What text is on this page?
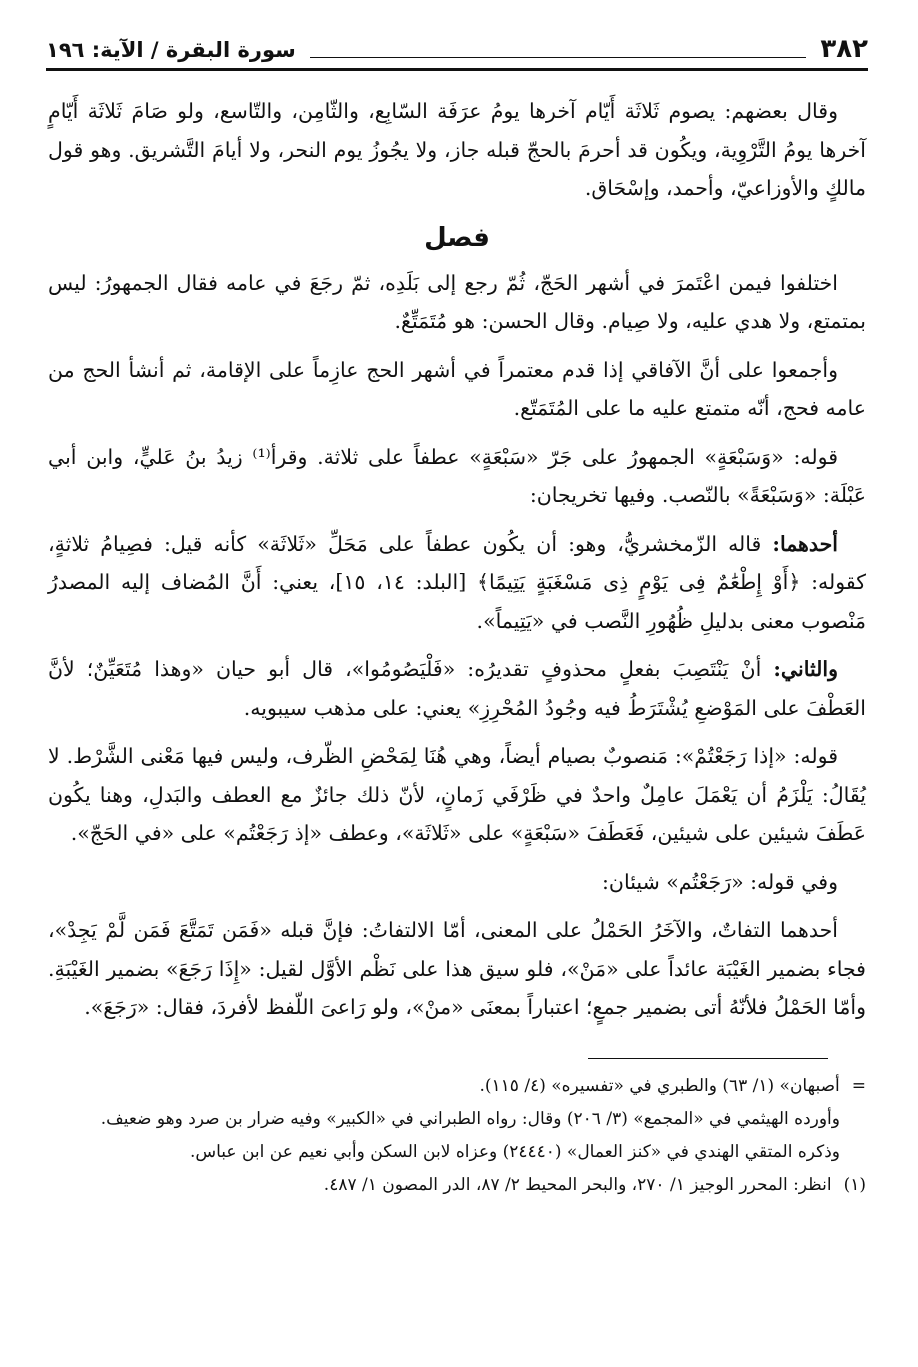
٣٨٢
سورة البقرة / الآية: ١٩٦

وقال بعضهم: يصوم ثَلاثَة أَيّام آخرها يومُ عرَفَة السّابِع، والثّامِن، والتّاسع، ولو صَامَ ثَلاثَة أَيّامٍ آخرها يومُ التَّرْوِية، ويكُون قد أحرمَ بالحجّ قبله جاز، ولا يجُوزُ يوم النحر، ولا أيامَ التَّشريق. وهو قول مالكٍ والأوزاعيّ، وأحمد، وإسْحَاق.

فصل

اختلفوا فيمن اعْتَمرَ في أشهر الحَجّ، ثُمّ رجع إلى بَلَدِه، ثمّ رجَعَ في عامه فقال الجمهورُ: ليس بمتمتع، ولا هدي عليه، ولا صِيام. وقال الحسن: هو مُتَمَتِّعٌ.

وأجمعوا على أنَّ الآفاقي إذا قدم معتمراً في أشهر الحج عازِماً على الإقامة، ثم أنشأ الحج من عامه فحج، أنّه متمتع عليه ما على المُتَمَتّع.

قوله: «وَسَبْعَةٍ» الجمهورُ على جَرّ «سَبْعَةٍ» عطفاً على ثلاثة. وقرأ⁽¹⁾ زيدُ بنُ عَليٍّ، وابن أبي عَبْلَة: «وَسَبْعَةً» بالنّصب. وفيها تخريجان:

أحدهما: قاله الزّمخشريُّ، وهو: أن يكُون عطفاً على مَحَلِّ «ثَلاثَة» كأنه قيل: فصِيامُ ثلاثةٍ، كقوله: ﴿أَوْ إِطْعَٰمٌ فِى يَوْمٍ ذِى مَسْغَبَةٍ يَتِيمًا﴾ [البلد: ١٤، ١٥]، يعني: أَنَّ المُضاف إليه المصدرُ مَنْصوب معنى بدليلِ ظُهُورِ النَّصب في «يَتِيماً».

والثاني: أنْ يَنْتَصِبَ بفعلٍ محذوفٍ تقديرُه: «فَلْيَصُومُوا»، قال أبو حيان «وهذا مُتَعَيِّنٌ؛ لأنَّ العَطْفَ على المَوْضعِ يُشْتَرَطُ فيه وجُودُ المُحْرِزِ» يعني: على مذهب سيبويه.

قوله: «إذا رَجَعْتُمْ»: مَنصوبٌ بصيام أيضاً، وهي هُنَا لِمَحْضِ الظّرف، وليس فيها مَعْنى الشَّرْط. لا يُقَالُ: يَلْزَمُ أن يَعْمَلَ عامِلٌ واحدٌ في ظَرْفَي زَمانٍ، لأنّ ذلك جائزٌ مع العطف والبَدلِ، وهنا يكُون عَطَفَ شيئين على شيئين، فَعَطَفَ «سَبْعَةٍ» على «ثَلاثَة»، وعطف «إذ رَجَعْتُم» على «في الحَجّ».

وفي قوله: «رَجَعْتُم» شيئان:

أحدهما التفاتٌ، والآخَرُ الحَمْلُ على المعنى، أمّا الالتفاتُ: فإنَّ قبله «فَمَن تَمَتَّعَ فَمَن لَّمْ يَجِدْ»، فجاء بضمير الغَيْبَة عائداً على «مَنْ»، فلو سيق هذا على نَظْم الأوَّل لقيل: «إِذَا رَجَعَ» بضمير الغَيْبَةِ. وأمّا الحَمْلُ فلأنّهُ أتى بضمير جمعٍ؛ اعتباراً بمعنَى «منْ»، ولو رَاعىَ اللّفظ لأفردَ، فقال: «رَجَعَ».

=أصبهان» (١/ ٦٣) والطبري في «تفسيره» (٤/ ١١٥).

وأورده الهيثمي في «المجمع» (٣/ ٢٠٦) وقال: رواه الطبراني في «الكبير» وفيه ضرار بن صرد وهو ضعيف.

وذكره المتقي الهندي في «كنز العمال» (٢٤٤٤٠) وعزاه لابن السكن وأبي نعيم عن ابن عباس.

(١)انظر: المحرر الوجيز ١/ ٢٧٠، والبحر المحيط ٢/ ٨٧، الدر المصون ١/ ٤٨٧.
